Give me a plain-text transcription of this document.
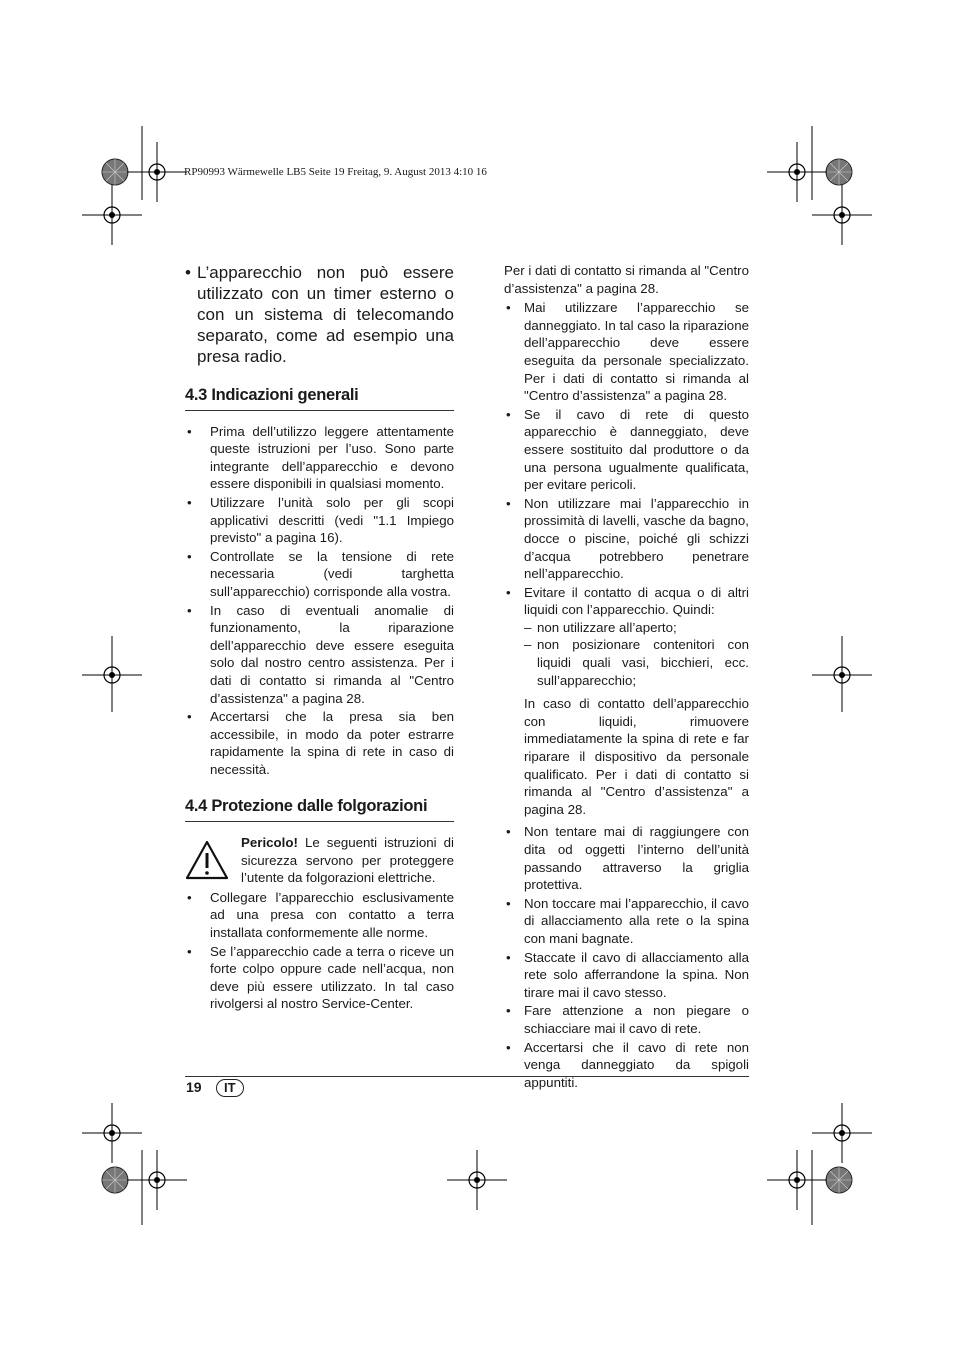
RP90993 Wärmewelle LB5 Seite 19 Freitag, 9. August 2013 4:10 16
• L’apparecchio non può essere utilizzato con un timer esterno o con un sistema di telecomando separato, come ad esempio una presa radio.
4.3 Indicazioni generali
•	Prima dell’utilizzo leggere attentamente queste istruzioni per l’uso. Sono parte integrante dell’apparecchio e devono essere disponibili in qualsiasi momento.
•	Utilizzare l’unità solo per gli scopi applicativi descritti (vedi "1.1 Impiego previsto" a pagina 16).
•	Controllate se la tensione di rete necessaria (vedi targhetta sull’apparecchio) corrisponde alla vostra.
•	In caso di eventuali anomalie di funzionamento, la riparazione dell’apparecchio deve essere eseguita solo dal nostro centro assistenza. Per i dati di contatto si rimanda al "Centro d’assistenza" a pagina 28.
•	Accertarsi che la presa sia ben accessibile, in modo da poter estrarre rapidamente la spina di rete in caso di necessità.
4.4 Protezione dalle folgorazioni

Pericolo! Le seguenti istruzioni di sicurezza servono per proteggere l’utente da folgorazioni elettriche.

•	Collegare l’apparecchio esclusivamente ad una presa con contatto a terra installata conformemente alle norme.
•	Se l’apparecchio cade a terra o riceve un forte colpo oppure cade nell’acqua, non deve più essere utilizzato. In tal caso rivolgersi al nostro Service-Center.

Per i dati di contatto si rimanda al "Centro d’assistenza" a pagina 28.

•	Mai utilizzare l’apparecchio se danneggiato. In tal caso la riparazione dell’apparecchio deve essere eseguita da personale specializzato. Per i dati di contatto si rimanda al "Centro d’assistenza" a pagina 28.
•	Se il cavo di rete di questo apparecchio è danneggiato, deve essere sostituito dal produttore o da una persona ugualmente qualificata, per evitare pericoli.
•	Non utilizzare mai l’apparecchio in prossimità di lavelli, vasche da bagno, docce o piscine, poiché gli schizzi d’acqua potrebbero penetrare nell’apparecchio.
•	Evitare il contatto di acqua o di altri liquidi con l’apparecchio. Quindi:
– non utilizzare all’aperto;
– non posizionare contenitori con liquidi quali vasi, bicchieri, ecc. sull’apparecchio;

In caso di contatto dell’apparecchio con liquidi, rimuovere immediatamente la spina di rete e far riparare il dispositivo da personale qualificato. Per i dati di contatto si rimanda al "Centro d’assistenza" a pagina 28.

•	Non tentare mai di raggiungere con dita od oggetti l’interno dell’unità passando attraverso la griglia protettiva.
•	Non toccare mai l’apparecchio, il cavo di allacciamento alla rete o la spina con mani bagnate.
•	Staccate il cavo di allacciamento alla rete solo afferrandone la spina. Non tirare mai il cavo stesso.
•	Fare attenzione a non piegare o schiacciare mai il cavo di rete.
•	Accertarsi che il cavo di rete non venga danneggiato da spigoli appuntiti.
19	IT
